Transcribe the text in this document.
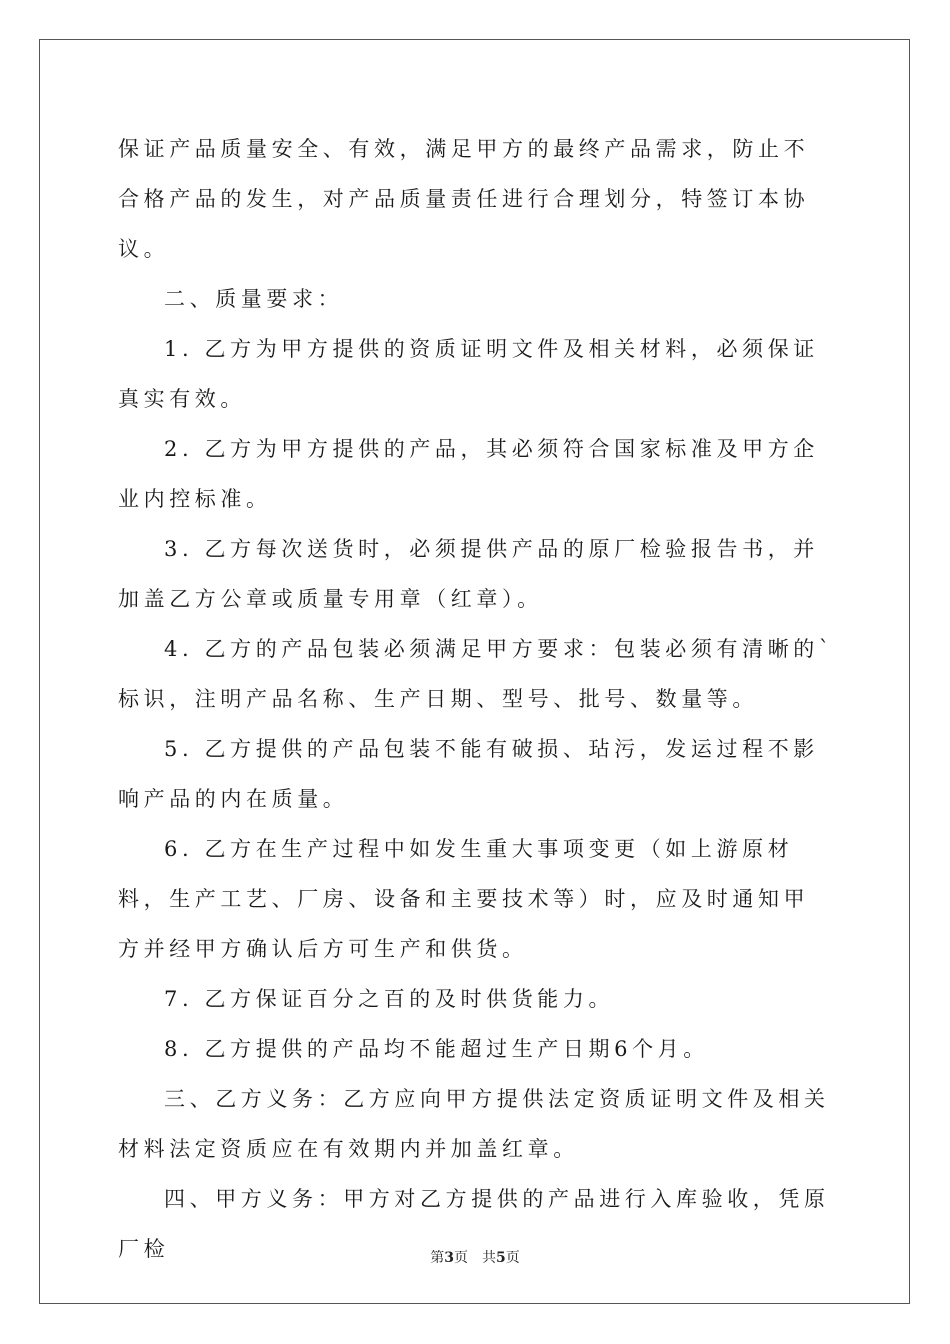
保证产品质量安全、有效，满足甲方的最终产品需求，防止不合格产品的发生，对产品质量责任进行合理划分，特签订本协议。

二、质量要求：

1. 乙方为甲方提供的资质证明文件及相关材料，必须保证真实有效。

2. 乙方为甲方提供的产品，其必须符合国家标准及甲方企业内控标准。

3. 乙方每次送货时，必须提供产品的原厂检验报告书，并加盖乙方公章或质量专用章（红章）。

4. 乙方的产品包装必须满足甲方要求：包装必须有清晰的`标识，注明产品名称、生产日期、型号、批号、数量等。

5. 乙方提供的产品包装不能有破损、玷污，发运过程不影响产品的内在质量。

6. 乙方在生产过程中如发生重大事项变更（如上游原材料，生产工艺、厂房、设备和主要技术等）时，应及时通知甲方并经甲方确认后方可生产和供货。

7. 乙方保证百分之百的及时供货能力。

8. 乙方提供的产品均不能超过生产日期6个月。

三、乙方义务：乙方应向甲方提供法定资质证明文件及相关材料法定资质应在有效期内并加盖红章。

四、甲方义务：甲方对乙方提供的产品进行入库验收，凭原厂检	第3页 共5页
